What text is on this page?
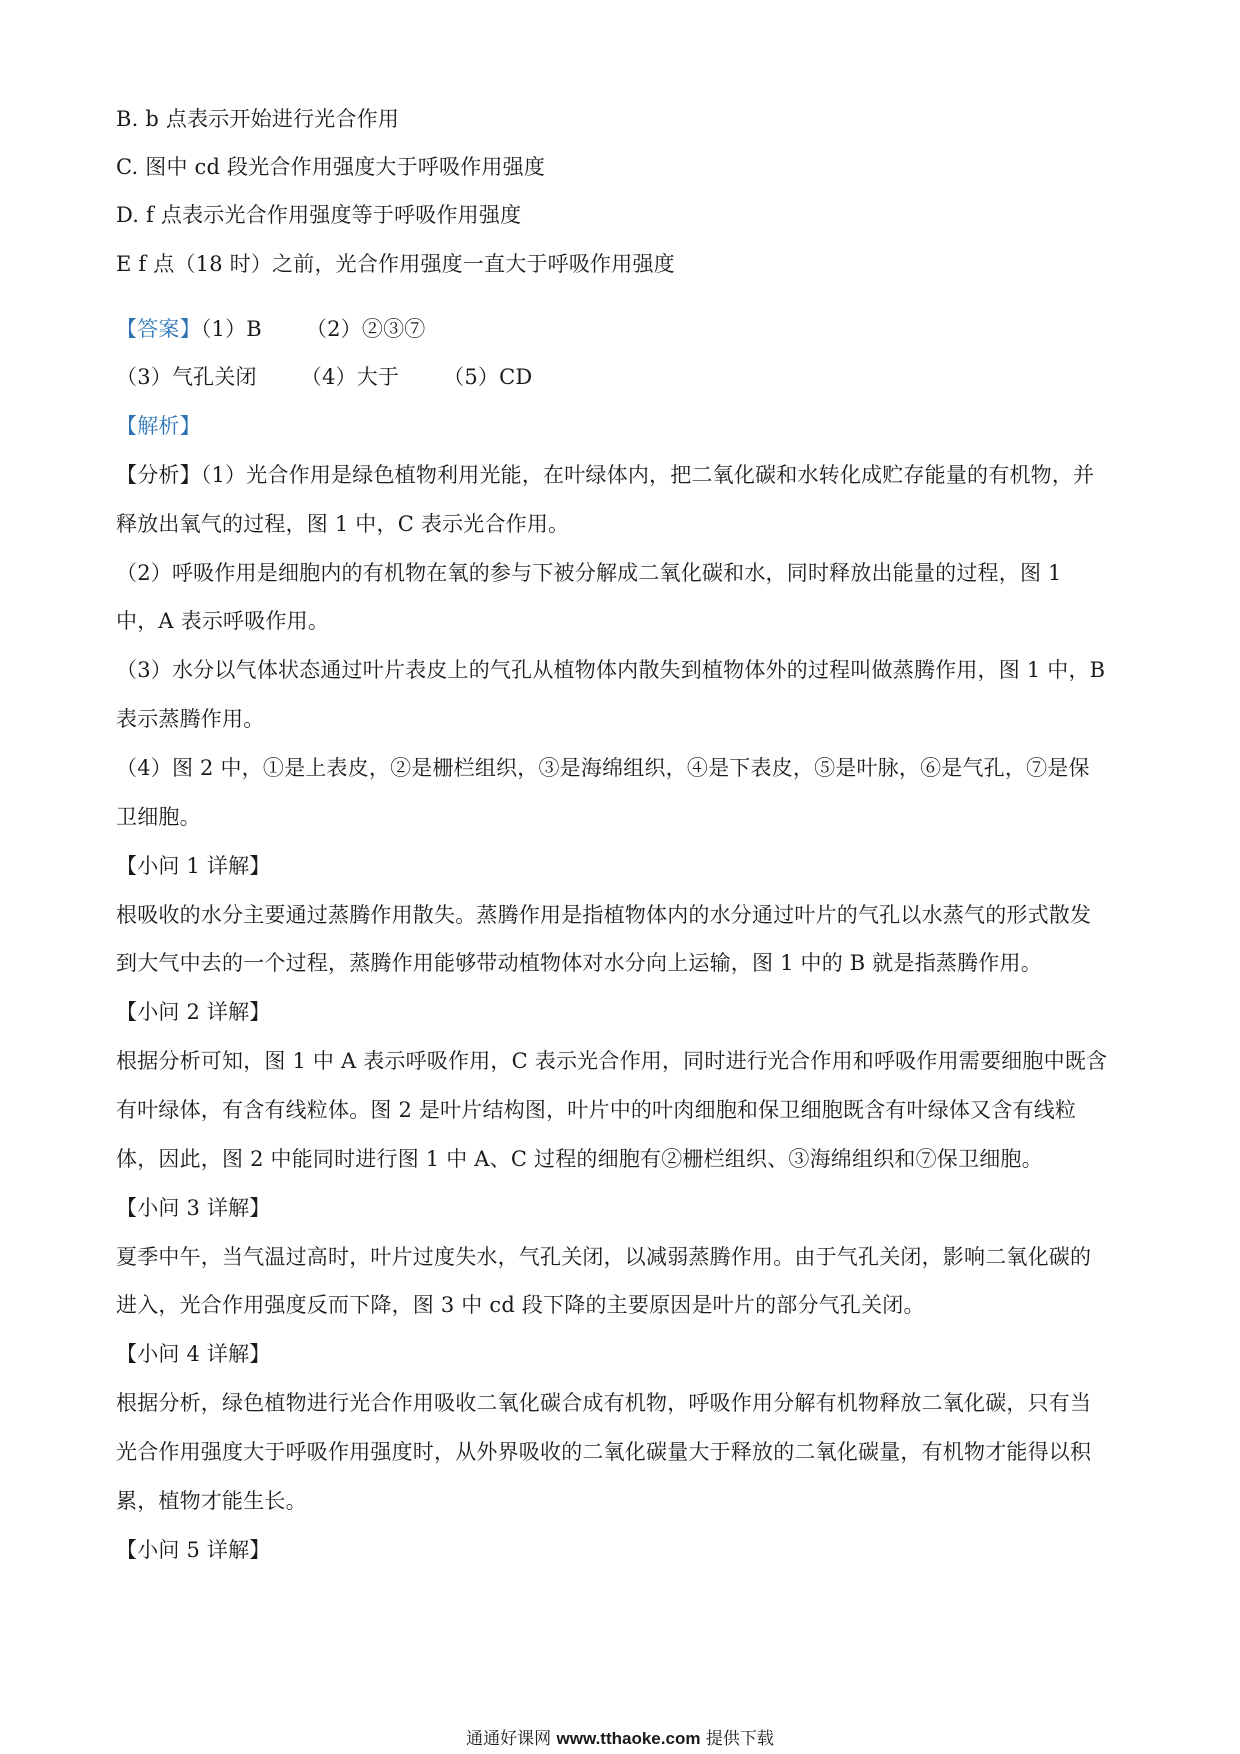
B. b 点表示开始进行光合作用
C. 图中 cd 段光合作用强度大于呼吸作用强度
D. f 点表示光合作用强度等于呼吸作用强度
E f 点（18 时）之前，光合作用强度一直大于呼吸作用强度
【答案】（1）B （2）②③⑦
（3）气孔关闭 （4）大于 （5）CD
【解析】
【分析】（1）光合作用是绿色植物利用光能，在叶绿体内，把二氧化碳和水转化成贮存能量的有机物，并
释放出氧气的过程，图 1 中，C 表示光合作用。
（2）呼吸作用是细胞内的有机物在氧的参与下被分解成二氧化碳和水，同时释放出能量的过程，图 1
中，A 表示呼吸作用。
（3）水分以气体状态通过叶片表皮上的气孔从植物体内散失到植物体外的过程叫做蒸腾作用，图 1 中，B
表示蒸腾作用。
（4）图 2 中，①是上表皮，②是栅栏组织，③是海绵组织，④是下表皮，⑤是叶脉，⑥是气孔，⑦是保
卫细胞。
【小问 1 详解】
根吸收的水分主要通过蒸腾作用散失。蒸腾作用是指植物体内的水分通过叶片的气孔以水蒸气的形式散发
到大气中去的一个过程，蒸腾作用能够带动植物体对水分向上运输，图 1 中的 B 就是指蒸腾作用。
【小问 2 详解】
根据分析可知，图 1 中 A 表示呼吸作用，C 表示光合作用，同时进行光合作用和呼吸作用需要细胞中既含
有叶绿体，有含有线粒体。图 2 是叶片结构图，叶片中的叶肉细胞和保卫细胞既含有叶绿体又含有线粒
体，因此，图 2 中能同时进行图 1 中 A、C 过程的细胞有②栅栏组织、③海绵组织和⑦保卫细胞。
【小问 3 详解】
夏季中午，当气温过高时，叶片过度失水，气孔关闭，以减弱蒸腾作用。由于气孔关闭，影响二氧化碳的
进入，光合作用强度反而下降，图 3 中 cd 段下降的主要原因是叶片的部分气孔关闭。
【小问 4 详解】
根据分析，绿色植物进行光合作用吸收二氧化碳合成有机物，呼吸作用分解有机物释放二氧化碳，只有当
光合作用强度大于呼吸作用强度时，从外界吸收的二氧化碳量大于释放的二氧化碳量，有机物才能得以积
累，植物才能生长。
【小问 5 详解】
通通好课网 www.tthaoke.com 提供下载
